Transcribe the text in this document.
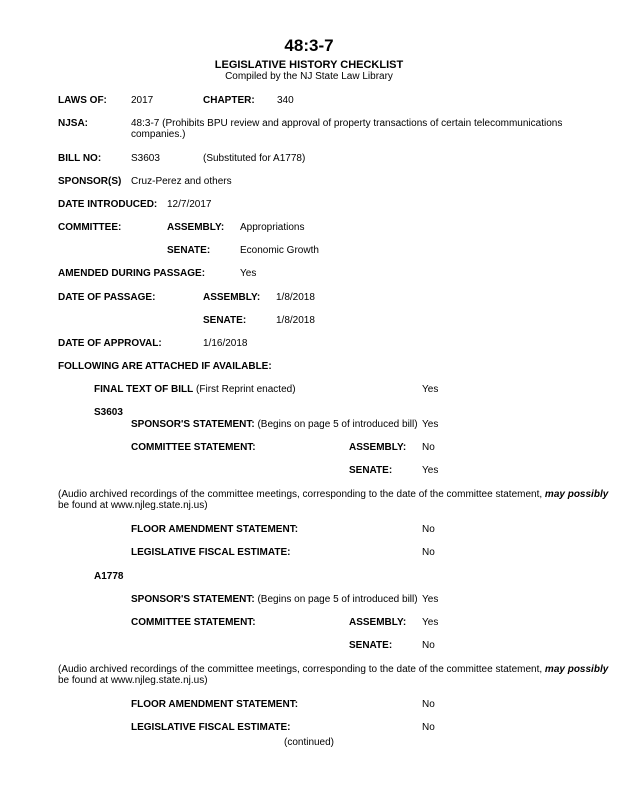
48:3-7
LEGISLATIVE HISTORY CHECKLIST
Compiled by the NJ State Law Library
LAWS OF: 2017	CHAPTER: 340
NJSA:	48:3-7 (Prohibits BPU review and approval of property transactions of certain telecommunications
companies.)
BILL NO:	S3603	(Substituted for A1778)
SPONSOR(S) Cruz-Perez and others
DATE INTRODUCED: 12/7/2017
COMMITTEE:	ASSEMBLY: Appropriations
SENATE:	Economic Growth
AMENDED DURING PASSAGE:	Yes
DATE OF PASSAGE:	ASSEMBLY: 1/8/2018
SENATE:	1/8/2018
DATE OF APPROVAL:	1/16/2018
FOLLOWING ARE ATTACHED IF AVAILABLE:
FINAL TEXT OF BILL (First Reprint enacted)	Yes
S3603
SPONSOR'S STATEMENT: (Begins on page 5 of introduced bill) Yes
COMMITTEE STATEMENT:	ASSEMBLY: No
SENATE:	Yes
(Audio archived recordings of the committee meetings, corresponding to the date of the committee statement, may possibly
be found at www.njleg.state.nj.us)
FLOOR AMENDMENT STATEMENT:	No
LEGISLATIVE FISCAL ESTIMATE:	No
A1778
SPONSOR'S STATEMENT: (Begins on page 5 of introduced bill) Yes
COMMITTEE STATEMENT:	ASSEMBLY: Yes
SENATE:	No
(Audio archived recordings of the committee meetings, corresponding to the date of the committee statement, may possibly
be found at www.njleg.state.nj.us)
FLOOR AMENDMENT STATEMENT:	No
LEGISLATIVE FISCAL ESTIMATE:	No
(continued)
